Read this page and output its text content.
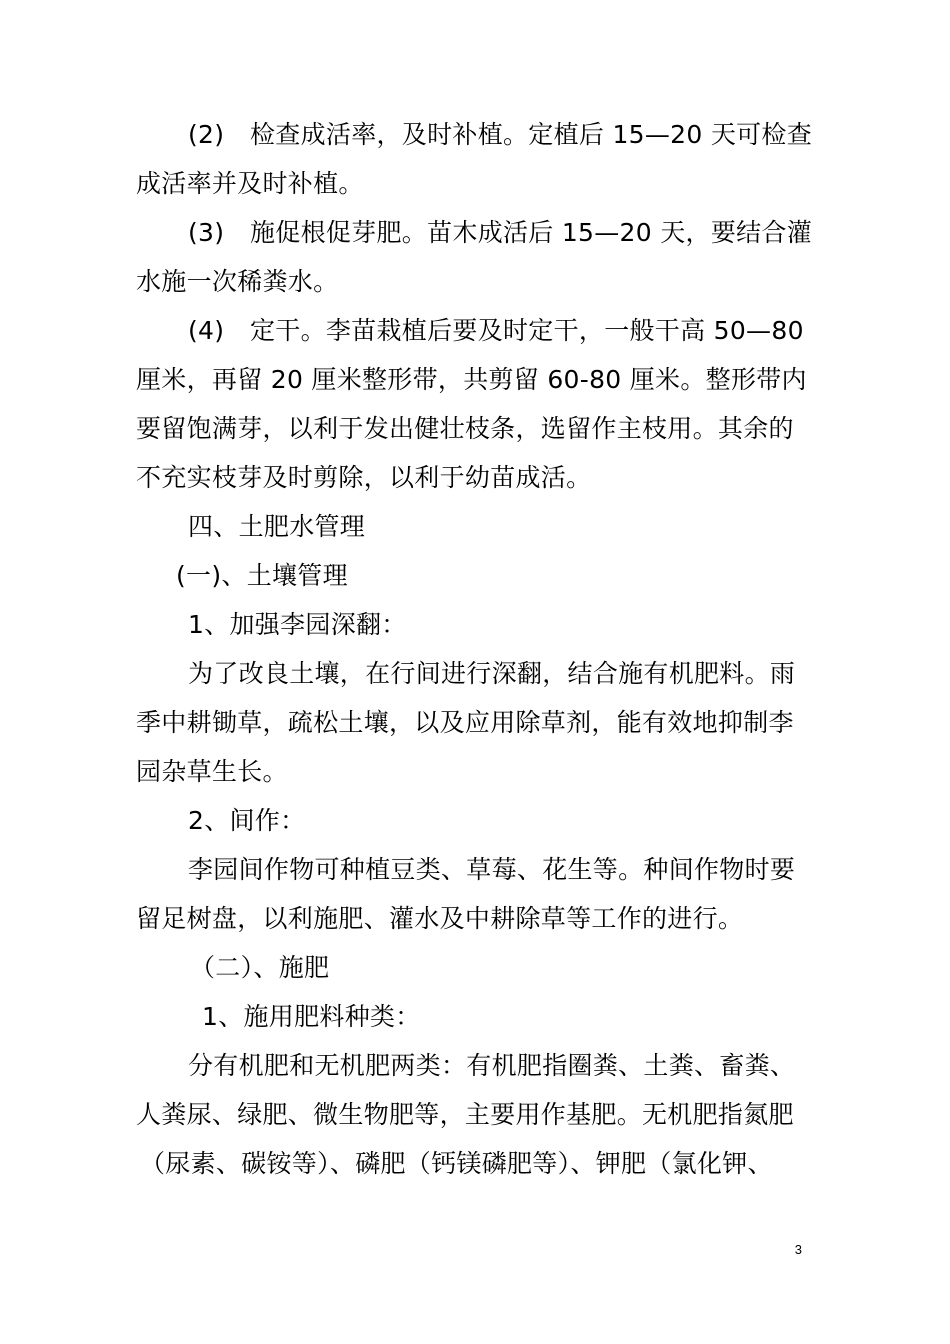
(2) 检查成活率，及时补植。定植后 15—20 天可检查
成活率并及时补植。
(3) 施促根促芽肥。苗木成活后 15—20 天，要结合灌
水施一次稀粪水。
(4) 定干。李苗栽植后要及时定干，一般干高 50—80
厘米，再留 20 厘米整形带，共剪留 60-80 厘米。整形带内
要留饱满芽，以利于发出健壮枝条，选留作主枝用。其余的
不充实枝芽及时剪除，以利于幼苗成活。
四、土肥水管理
(一)、土壤管理
1、加强李园深翻：
为了改良土壤，在行间进行深翻，结合施有机肥料。雨
季中耕锄草，疏松土壤，以及应用除草剂，能有效地抑制李
园杂草生长。
2、间作：
李园间作物可种植豆类、草莓、花生等。种间作物时要
留足树盘，以利施肥、灌水及中耕除草等工作的进行。
（二）、施肥
1、施用肥料种类：
分有机肥和无机肥两类：有机肥指圈粪、土粪、畜粪、
人粪尿、绿肥、微生物肥等，主要用作基肥。无机肥指氮肥
（尿素、碳铵等）、磷肥（钙镁磷肥等）、钾肥（氯化钾、
3
